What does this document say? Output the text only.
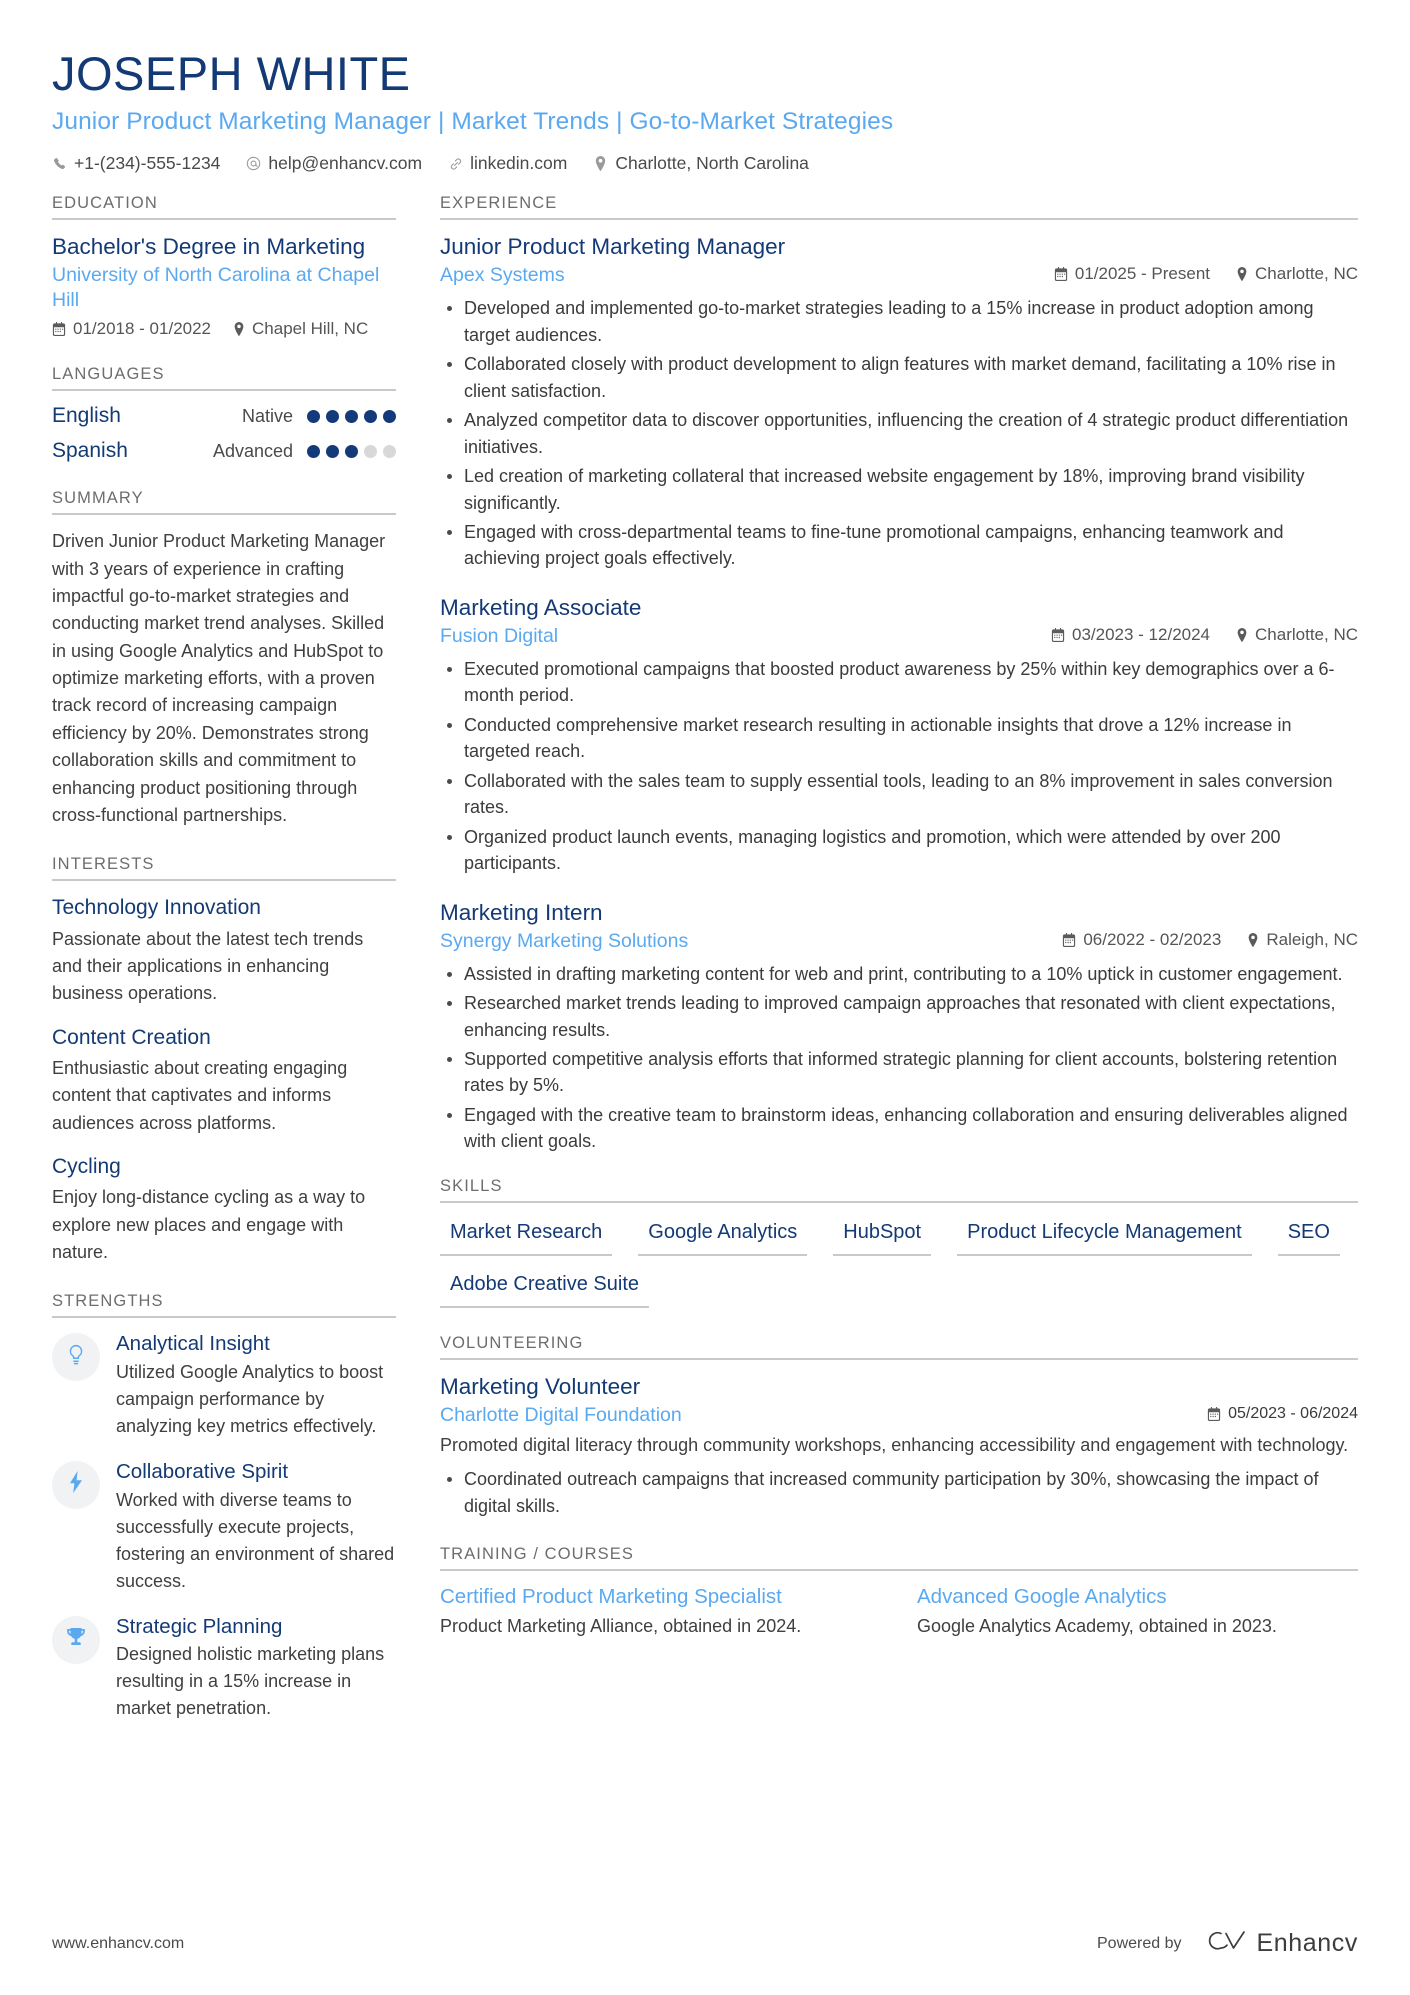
JOSEPH WHITE
Junior Product Marketing Manager | Market Trends | Go-to-Market Strategies
+1-(234)-555-1234	help@enhancv.com	linkedin.com	Charlotte, North Carolina
EDUCATION
Bachelor's Degree in Marketing
University of North Carolina at Chapel Hill
01/2018 - 01/2022 Chapel Hill, NC
LANGUAGES
English	Native
Spanish	Advanced
SUMMARY
Driven Junior Product Marketing Manager with 3 years of experience in crafting impactful go-to-market strategies and conducting market trend analyses. Skilled in using Google Analytics and HubSpot to optimize marketing efforts, with a proven track record of increasing campaign efficiency by 20%. Demonstrates strong collaboration skills and commitment to enhancing product positioning through cross-functional partnerships.
INTERESTS
Technology Innovation
Passionate about the latest tech trends and their applications in enhancing business operations.
Content Creation
Enthusiastic about creating engaging content that captivates and informs audiences across platforms.
Cycling
Enjoy long-distance cycling as a way to explore new places and engage with nature.
STRENGTHS
Analytical Insight
Utilized Google Analytics to boost campaign performance by analyzing key metrics effectively.
Collaborative Spirit
Worked with diverse teams to successfully execute projects, fostering an environment of shared success.
Strategic Planning
Designed holistic marketing plans resulting in a 15% increase in market penetration.
EXPERIENCE
Junior Product Marketing Manager
Apex Systems	01/2025 - Present	Charlotte, NC
Developed and implemented go-to-market strategies leading to a 15% increase in product adoption among target audiences.
Collaborated closely with product development to align features with market demand, facilitating a 10% rise in client satisfaction.
Analyzed competitor data to discover opportunities, influencing the creation of 4 strategic product differentiation initiatives.
Led creation of marketing collateral that increased website engagement by 18%, improving brand visibility significantly.
Engaged with cross-departmental teams to fine-tune promotional campaigns, enhancing teamwork and achieving project goals effectively.
Marketing Associate
Fusion Digital	03/2023 - 12/2024	Charlotte, NC
Executed promotional campaigns that boosted product awareness by 25% within key demographics over a 6-month period.
Conducted comprehensive market research resulting in actionable insights that drove a 12% increase in targeted reach.
Collaborated with the sales team to supply essential tools, leading to an 8% improvement in sales conversion rates.
Organized product launch events, managing logistics and promotion, which were attended by over 200 participants.
Marketing Intern
Synergy Marketing Solutions	06/2022 - 02/2023	Raleigh, NC
Assisted in drafting marketing content for web and print, contributing to a 10% uptick in customer engagement.
Researched market trends leading to improved campaign approaches that resonated with client expectations, enhancing results.
Supported competitive analysis efforts that informed strategic planning for client accounts, bolstering retention rates by 5%.
Engaged with the creative team to brainstorm ideas, enhancing collaboration and ensuring deliverables aligned with client goals.
SKILLS
Market Research	Google Analytics	HubSpot	Product Lifecycle Management	SEO
Adobe Creative Suite
VOLUNTEERING
Marketing Volunteer
Charlotte Digital Foundation	05/2023 - 06/2024
Promoted digital literacy through community workshops, enhancing accessibility and engagement with technology.
Coordinated outreach campaigns that increased community participation by 30%, showcasing the impact of digital skills.
TRAINING / COURSES
Certified Product Marketing Specialist
Product Marketing Alliance, obtained in 2024.
Advanced Google Analytics
Google Analytics Academy, obtained in 2023.
www.enhancv.com	Powered by	Enhancv
